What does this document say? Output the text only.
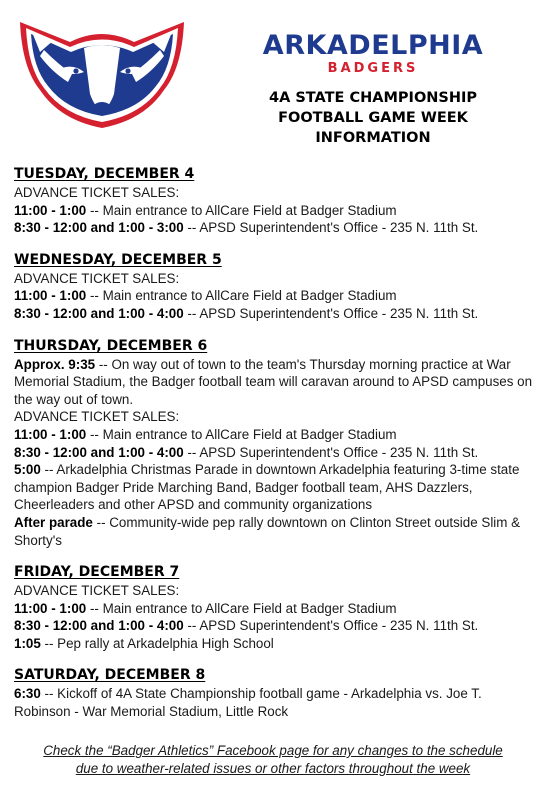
ARKADELPHIA
BADGERS
4A STATE CHAMPIONSHIP
FOOTBALL GAME WEEK
INFORMATION
TUESDAY, DECEMBER 4
ADVANCE TICKET SALES:
11:00 - 1:00 -- Main entrance to AllCare Field at Badger Stadium
8:30 - 12:00 and 1:00 - 3:00 -- APSD Superintendent's Office - 235 N. 11th St.
WEDNESDAY, DECEMBER 5
ADVANCE TICKET SALES:
11:00 - 1:00 -- Main entrance to AllCare Field at Badger Stadium
8:30 - 12:00 and 1:00 - 4:00 -- APSD Superintendent's Office - 235 N. 11th St.
THURSDAY, DECEMBER 6
Approx. 9:35 -- On way out of town to the team's Thursday morning practice at War Memorial Stadium, the Badger football team will caravan around to APSD campuses on the way out of town.
ADVANCE TICKET SALES:
11:00 - 1:00 -- Main entrance to AllCare Field at Badger Stadium
8:30 - 12:00 and 1:00 - 4:00 -- APSD Superintendent's Office - 235 N. 11th St.
5:00 -- Arkadelphia Christmas Parade in downtown Arkadelphia featuring 3-time state champion Badger Pride Marching Band, Badger football team, AHS Dazzlers, Cheerleaders and other APSD and community organizations
After parade -- Community-wide pep rally downtown on Clinton Street outside Slim & Shorty's
FRIDAY, DECEMBER 7
ADVANCE TICKET SALES:
11:00 - 1:00 -- Main entrance to AllCare Field at Badger Stadium
8:30 - 12:00 and 1:00 - 4:00 -- APSD Superintendent's Office - 235 N. 11th St.
1:05 -- Pep rally at Arkadelphia High School
SATURDAY, DECEMBER 8
6:30 -- Kickoff of 4A State Championship football game - Arkadelphia vs. Joe T. Robinson - War Memorial Stadium, Little Rock
Check the “Badger Athletics” Facebook page for any changes to the schedule
due to weather-related issues or other factors throughout the week
